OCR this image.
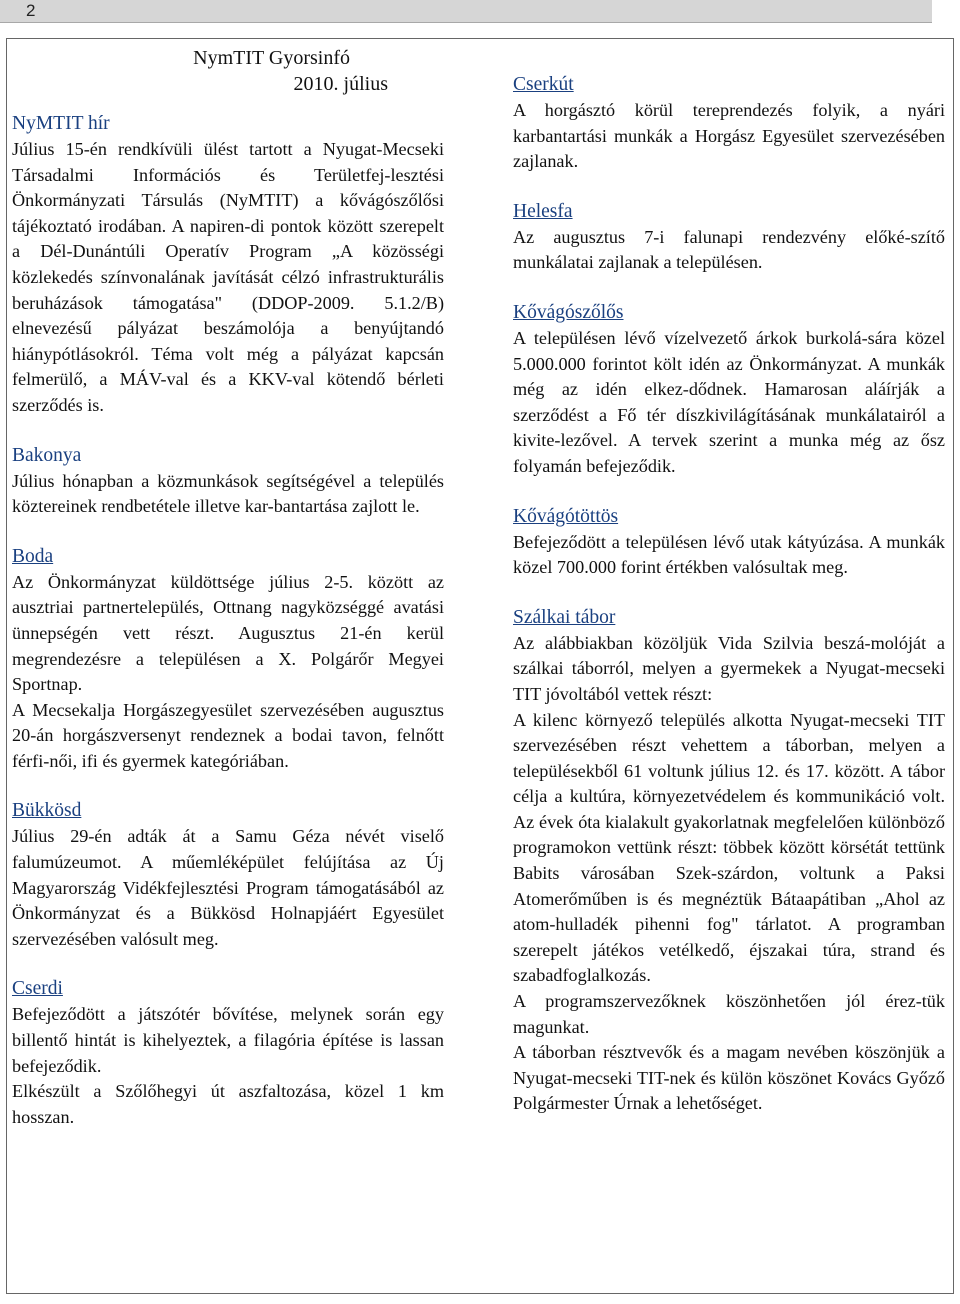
2
NymTIT Gyorsinfó
2010. július
NyMTIT hír

Július 15-én rendkívüli ülést tartott a Nyugat-Mecseki Társadalmi Információs és Területfej-lesztési Önkormányzati Társulás (NyMTIT) a kővágószőlősi tájékoztató irodában. A napiren-di pontok között szerepelt a Dél-Dunántúli Operatív Program „A közösségi közlekedés színvonalának javítását célzó infrastrukturális beruházások támogatása" (DDOP-2009. 5.1.2/B) elnevezésű pályázat beszámolója a benyújtandó hiánypótlásokról. Téma volt még a pályázat kapcsán felmerülő, a MÁV-val és a KKV-val kötendő bérleti szerződés is.

Bakonya

Július hónapban a közmunkások segítségével a település köztereinek rendbetétele illetve kar-bantartása zajlott le.

Boda

Az Önkormányzat küldöttsége július 2-5. között az ausztriai partnertelepülés, Ottnang nagyközséggé avatási ünnepségén vett részt. Augusztus 21-én kerül megrendezésre a településen a X. Polgárőr Megyei Sportnap.

A Mecsekalja Horgászegyesület szervezésében augusztus 20-án horgászversenyt rendeznek a bodai tavon, felnőtt férfi-női, ifi és gyermek kategóriában.

Bükkösd

Július 29-én adták át a Samu Géza névét viselő falumúzeumot. A műemléképület felújítása az Új Magyarország Vidékfejlesztési Program támogatásából az Önkormányzat és a Bükkösd Holnapjáért Egyesület szervezésében valósult meg.

Cserdi

Befejeződött a játszótér bővítése, melynek során egy billentő hintát is kihelyeztek, a filagória építése is lassan befejeződik.

Elkészült a Szőlőhegyi út aszfaltozása, közel 1 km hosszan.

Cserkút

A horgásztó körül tereprendezés folyik, a nyári karbantartási munkák a Horgász Egyesület szervezésében zajlanak.

Helesfa

Az augusztus 7-i falunapi rendezvény előké-szítő munkálatai zajlanak a településen.

Kővágószőlős

A településen lévő vízelvezető árkok burkolá-sára közel 5.000.000 forintot költ idén az Önkormányzat. A munkák még az idén elkez-dődnek. Hamarosan aláírják a szerződést a Fő tér díszkivilágításának munkálatairól a kivite-lezővel. A tervek szerint a munka még az ősz folyamán befejeződik.

Kővágótöttös

Befejeződött a településen lévő utak kátyúzása. A munkák közel 700.000 forint értékben valósultak meg.

Szálkai tábor

Az alábbiakban közöljük Vida Szilvia beszá-molóját a szálkai táborról, melyen a gyermekek a Nyugat-mecseki TIT jóvoltából vettek részt:

A kilenc környező település alkotta Nyugat-mecseki TIT szervezésében részt vehettem a táborban, melyen a településekből 61 voltunk július 12. és 17. között. A tábor célja a kultúra, környezetvédelem és kommunikáció volt. Az évek óta kialakult gyakorlatnak megfelelően különböző programokon vettünk részt: többek között körsétát tettünk Babits városában Szek-szárdon, voltunk a Paksi Atomerőműben is és megnéztük Bátaapátiban „Ahol az atom-hulladék pihenni fog" tárlatot. A programban szerepelt játékos vetélkedő, éjszakai túra, strand és szabadfoglalkozás.

A programszervezőknek köszönhetően jól érez-tük magunkat.

A táborban résztvevők és a magam nevében köszönjük a Nyugat-mecseki TIT-nek és külön köszönet Kovács Győző Polgármester Úrnak a lehetőséget.
